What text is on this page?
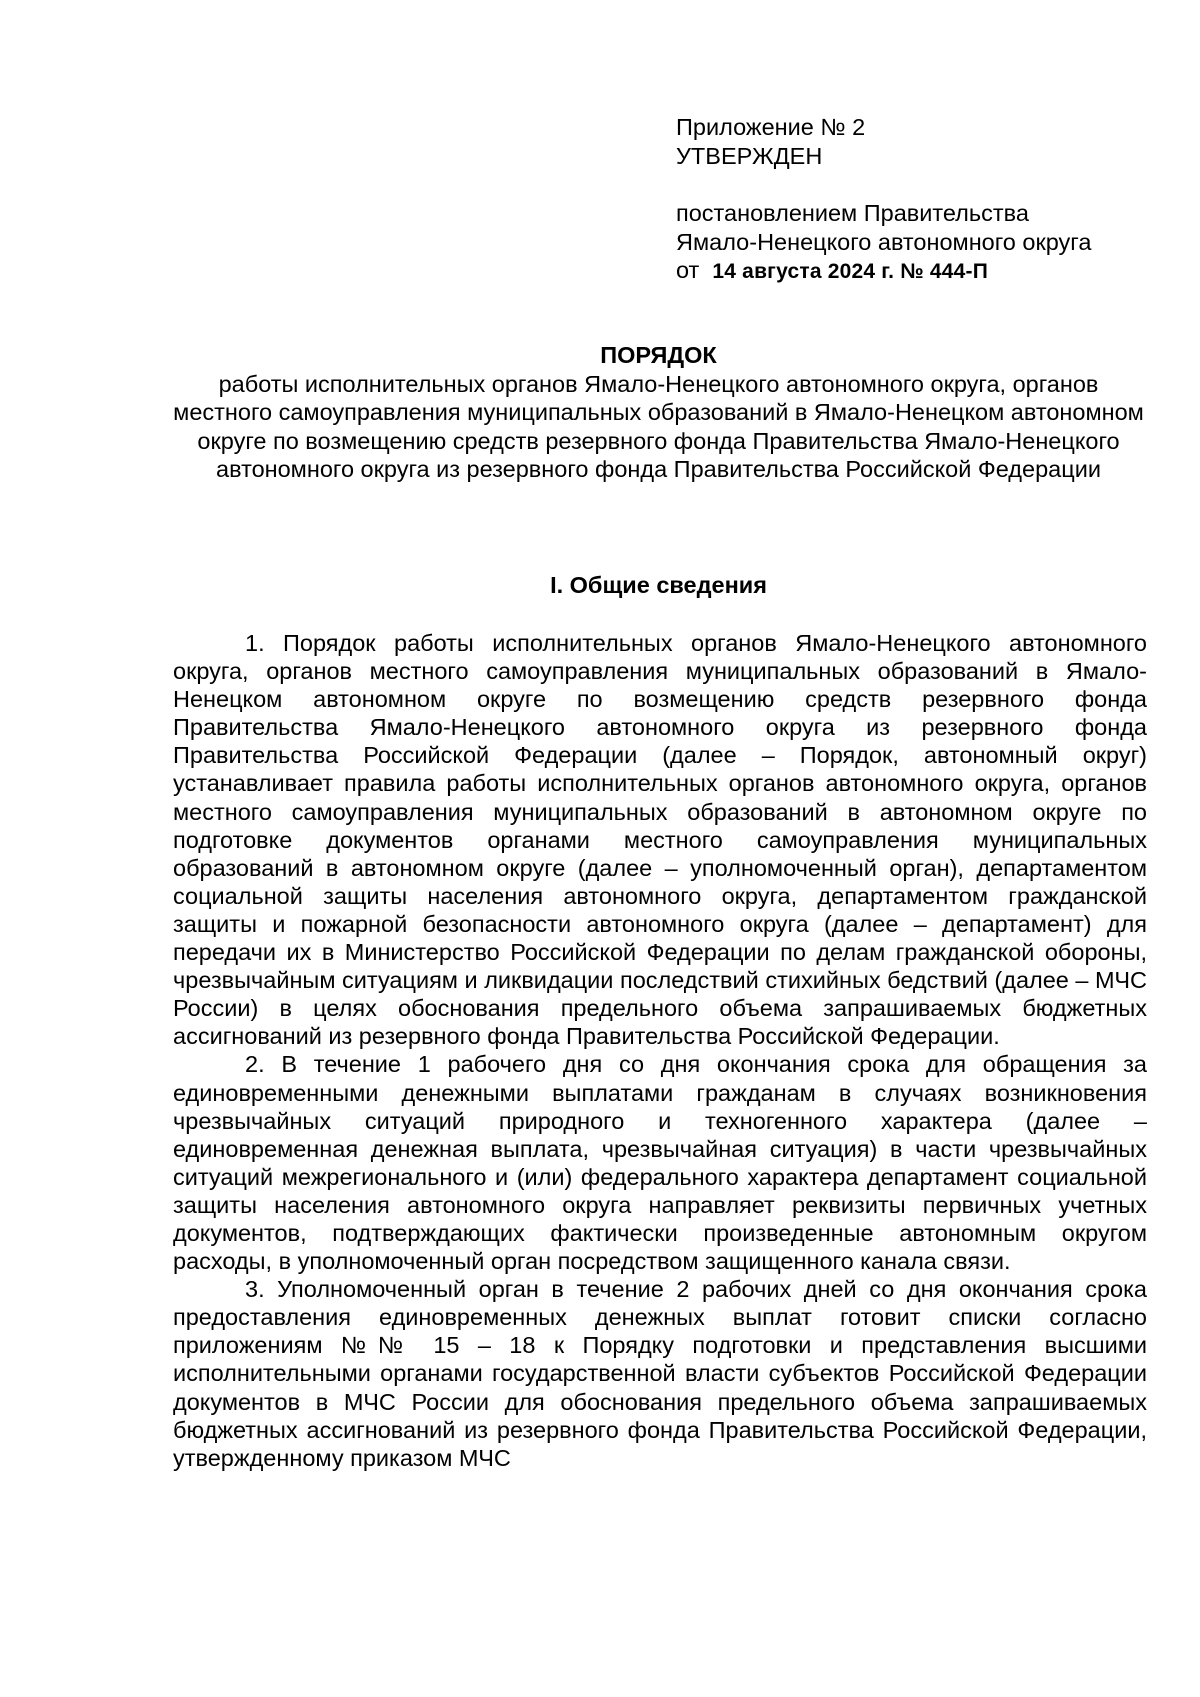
Приложение № 2
УТВЕРЖДЕН
постановлением Правительства
Ямало-Ненецкого автономного округа
от 14 августа 2024 г. № 444-П
ПОРЯДОК
работы исполнительных органов Ямало-Ненецкого автономного округа, органов местного самоуправления муниципальных образований в Ямало-Ненецком автономном округе по возмещению средств резервного фонда Правительства Ямало-Ненецкого автономного округа из резервного фонда Правительства Российской Федерации
I. Общие сведения

1. Порядок работы исполнительных органов Ямало-Ненецкого автономного округа, органов местного самоуправления муниципальных образований в Ямало-Ненецком автономном округе по возмещению средств резервного фонда Правительства Ямало-Ненецкого автономного округа из резервного фонда Правительства Российской Федерации (далее – Порядок, автономный округ) устанавливает правила работы исполнительных органов автономного округа, органов местного самоуправления муниципальных образований в автономном округе по подготовке документов органами местного самоуправления муниципальных образований в автономном округе (далее – уполномоченный орган), департаментом социальной защиты населения автономного округа, департаментом гражданской защиты и пожарной безопасности автономного округа (далее – департамент) для передачи их в Министерство Российской Федерации по делам гражданской обороны, чрезвычайным ситуациям и ликвидации последствий стихийных бедствий (далее – МЧС России) в целях обоснования предельного объема запрашиваемых бюджетных ассигнований из резервного фонда Правительства Российской Федерации.

2. В течение 1 рабочего дня со дня окончания срока для обращения за единовременными денежными выплатами гражданам в случаях возникновения чрезвычайных ситуаций природного и техногенного характера (далее – единовременная денежная выплата, чрезвычайная ситуация) в части чрезвычайных ситуаций межрегионального и (или) федерального характера департамент социальной защиты населения автономного округа направляет реквизиты первичных учетных документов, подтверждающих фактически произведенные автономным округом расходы, в уполномоченный орган посредством защищенного канала связи.

3. Уполномоченный орган в течение 2 рабочих дней со дня окончания срока предоставления единовременных денежных выплат готовит списки согласно приложениям №№ 15 – 18 к Порядку подготовки и представления высшими исполнительными органами государственной власти субъектов Российской Федерации документов в МЧС России для обоснования предельного объема запрашиваемых бюджетных ассигнований из резервного фонда Правительства Российской Федерации, утвержденному приказом МЧС
